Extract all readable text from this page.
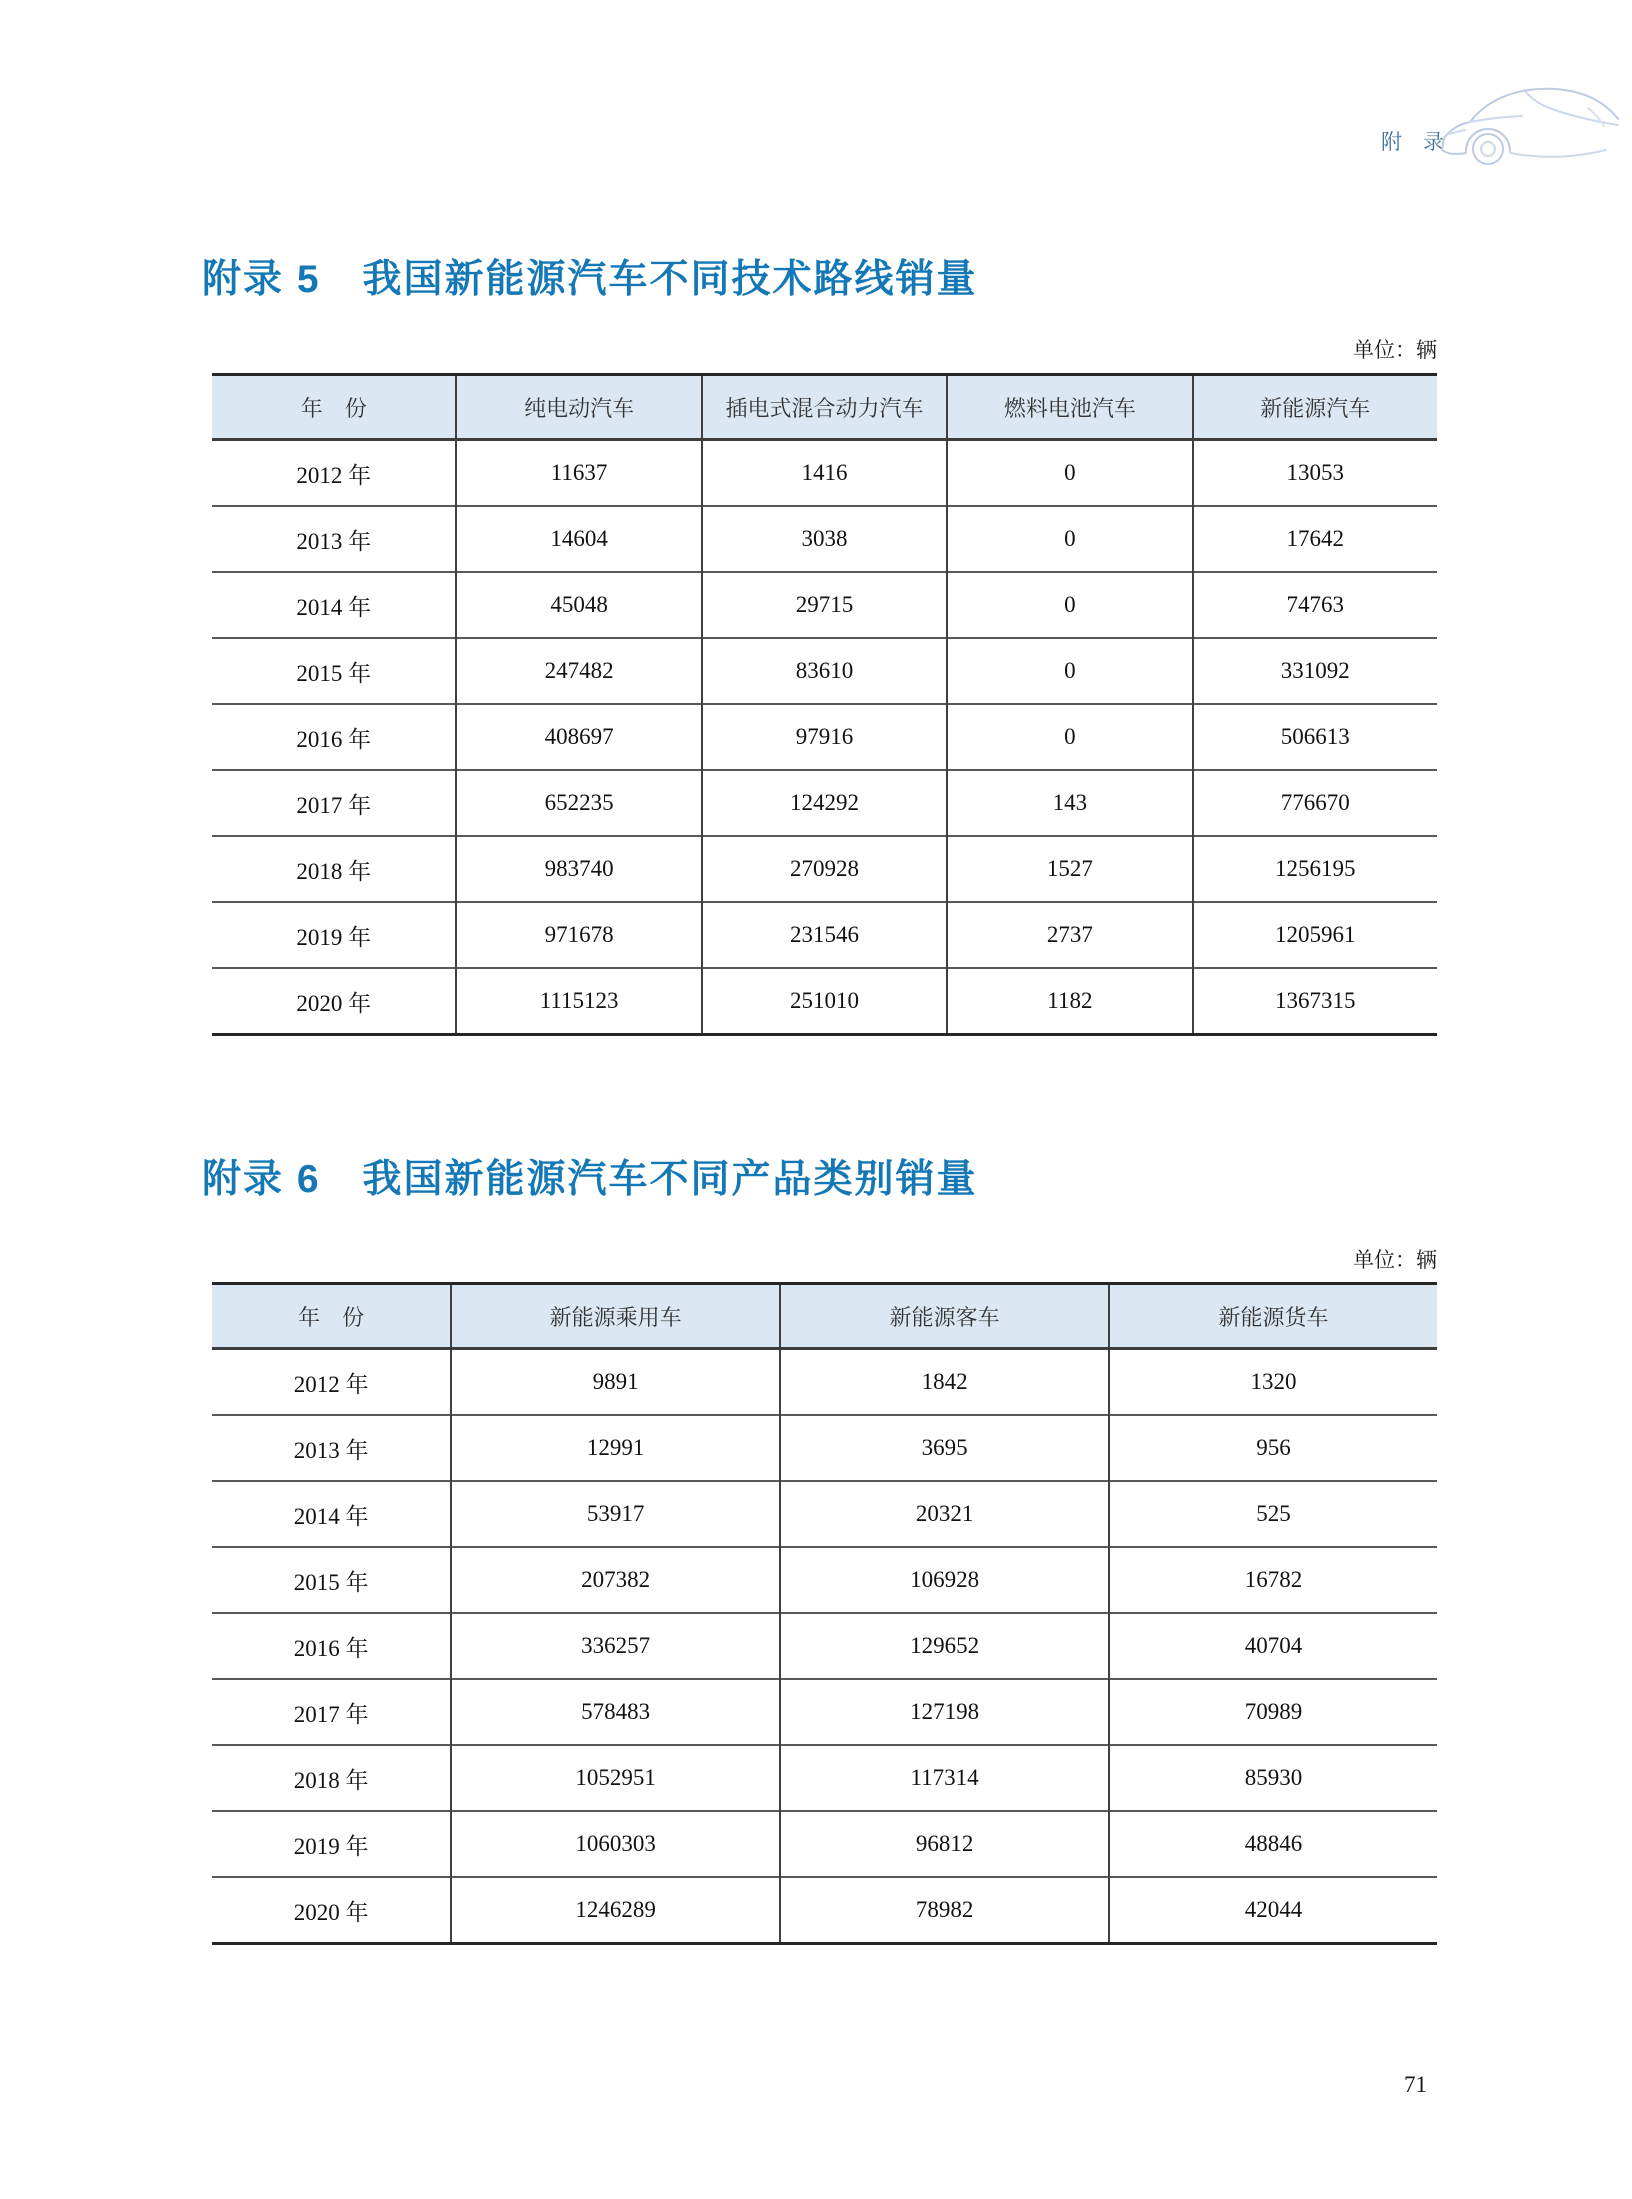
附　录
附录 5 我国新能源汽车不同技术路线销量
单位：辆
年　份	纯电动汽车	插电式混合动力汽车	燃料电池汽车	新能源汽车
2012 年	11637	1416	0	13053
2013 年	14604	3038	0	17642
2014 年	45048	29715	0	74763
2015 年	247482	83610	0	331092
2016 年	408697	97916	0	506613
2017 年	652235	124292	143	776670
2018 年	983740	270928	1527	1256195
2019 年	971678	231546	2737	1205961
2020 年	1115123	251010	1182	1367315
附录 6 我国新能源汽车不同产品类别销量
单位：辆
年　份	新能源乘用车	新能源客车	新能源货车
2012 年	9891	1842	1320
2013 年	12991	3695	956
2014 年	53917	20321	525
2015 年	207382	106928	16782
2016 年	336257	129652	40704
2017 年	578483	127198	70989
2018 年	1052951	117314	85930
2019 年	1060303	96812	48846
2020 年	1246289	78982	42044
71
